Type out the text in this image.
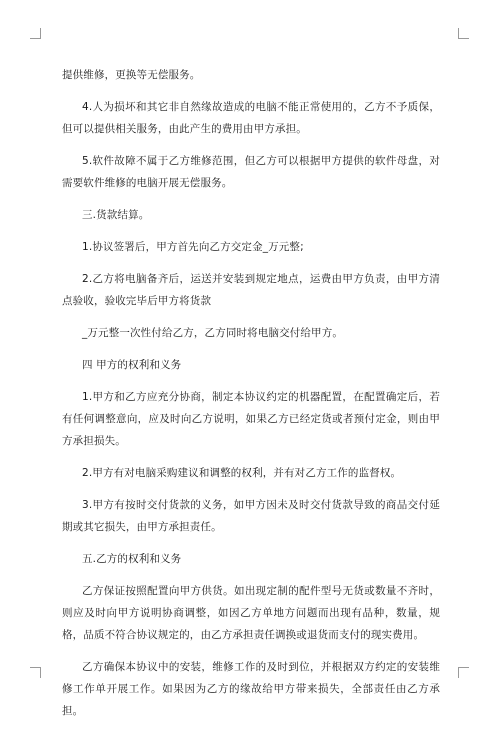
提供维修，更换等无偿服务。

4.人为损坏和其它非自然缘故造成的电脑不能正常使用的，乙方不予质保，但可以提供相关服务，由此产生的费用由甲方承担。

5.软件故障不属于乙方维修范围，但乙方可以根据甲方提供的软件母盘，对需要软件维修的电脑开展无偿服务。

三.货款结算。

1.协议签署后，甲方首先向乙方交定金_万元整;

2.乙方将电脑备齐后，运送并安装到规定地点，运费由甲方负责，由甲方清点验收，验收完毕后甲方将货款

_万元整一次性付给乙方，乙方同时将电脑交付给甲方。

四 甲方的权利和义务

1.甲方和乙方应充分协商，制定本协议约定的机器配置，在配置确定后，若有任何调整意向，应及时向乙方说明，如果乙方已经定货或者预付定金，则由甲方承担损失。

2.甲方有对电脑采购建议和调整的权利，并有对乙方工作的监督权。

3.甲方有按时交付货款的义务，如甲方因未及时交付货款导致的商品交付延期或其它损失，由甲方承担责任。

五.乙方的权利和义务

乙方保证按照配置向甲方供货。如出现定制的配件型号无货或数量不齐时，则应及时向甲方说明协商调整，如因乙方单地方问题而出现有品种，数量，规格，品质不符合协议规定的，由乙方承担责任调换或退货而支付的现实费用。

乙方确保本协议中的安装，维修工作的及时到位，并根据双方约定的安装维修工作单开展工作。如果因为乙方的缘故给甲方带来损失，全部责任由乙方承担。
